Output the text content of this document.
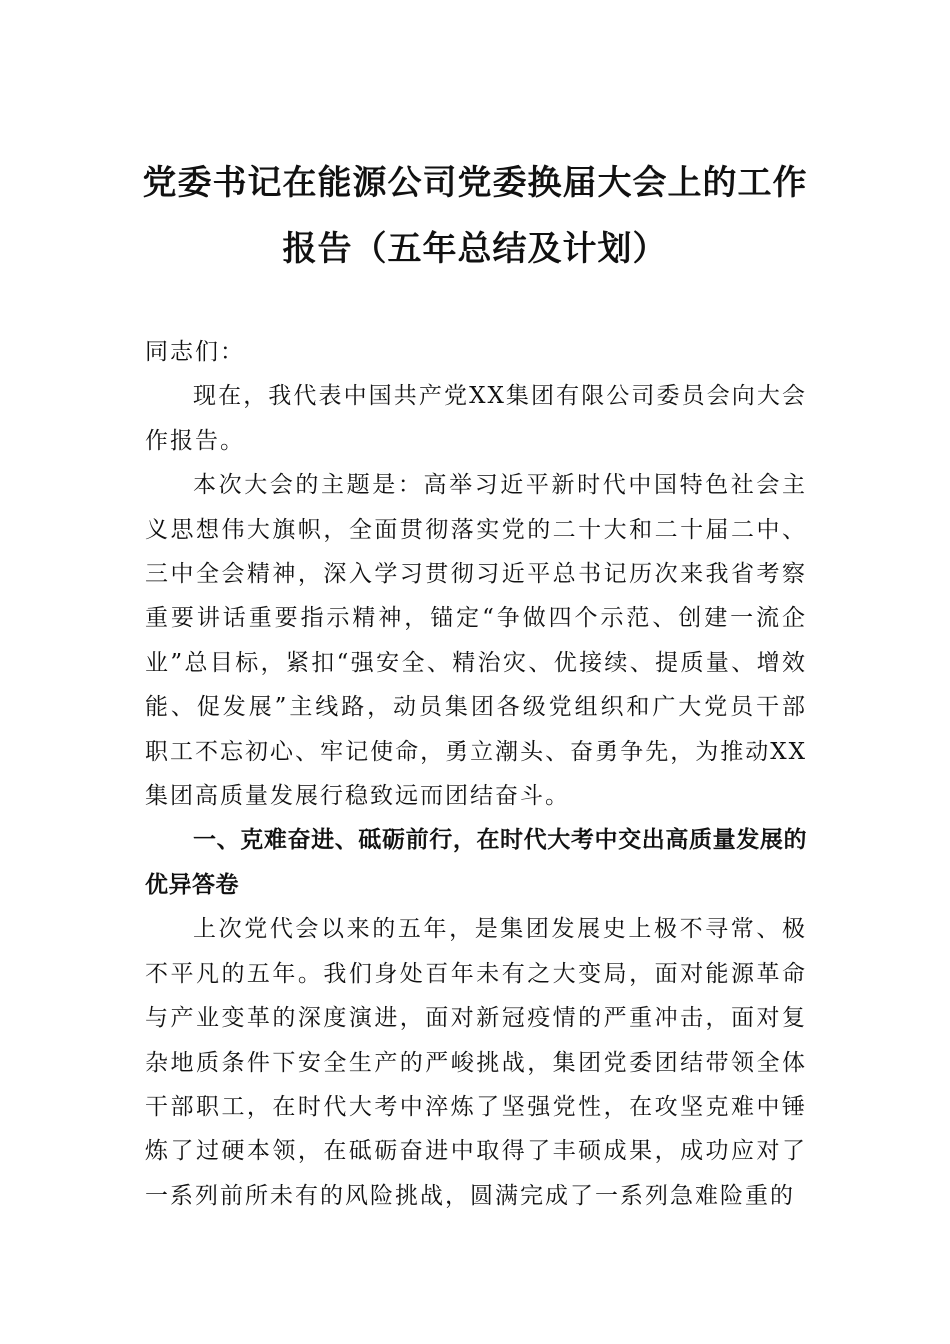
党委书记在能源公司党委换届大会上的工作报告（五年总结及计划）

同志们：

现在，我代表中国共产党XX集团有限公司委员会向大会作报告。

本次大会的主题是：高举习近平新时代中国特色社会主义思想伟大旗帜，全面贯彻落实党的二十大和二十届二中、三中全会精神，深入学习贯彻习近平总书记历次来我省考察重要讲话重要指示精神，锚定“争做四个示范、创建一流企业”总目标，紧扣“强安全、精治灾、优接续、提质量、增效能、促发展”主线路，动员集团各级党组织和广大党员干部职工不忘初心、牢记使命，勇立潮头、奋勇争先，为推动XX集团高质量发展行稳致远而团结奋斗。

一、克难奋进、砥砺前行，在时代大考中交出高质量发展的优异答卷

上次党代会以来的五年，是集团发展史上极不寻常、极不平凡的五年。我们身处百年未有之大变局，面对能源革命与产业变革的深度演进，面对新冠疫情的严重冲击，面对复杂地质条件下安全生产的严峻挑战，集团党委团结带领全体干部职工，在时代大考中淬炼了坚强党性，在攻坚克难中锤炼了过硬本领，在砥砺奋进中取得了丰硕成果，成功应对了一系列前所未有的风险挑战，圆满完成了一系列急难险重的
